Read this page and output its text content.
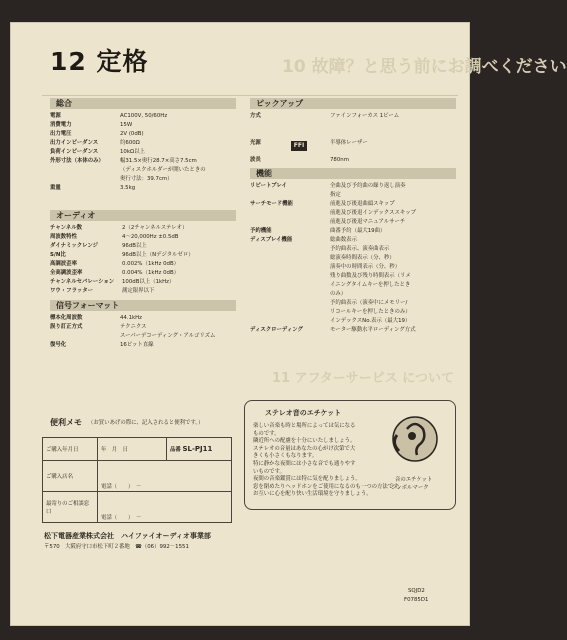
10 故障？と思う前にお調べください
11 アフターサービス について
12 定格
総合
オーディオ
信号フォーマット
ピックアップ
FFI
機能
電源	AC100V, 50/60Hz
消費電力	15W
出力電圧	2V (0dB)
出力インピーダンス	約600Ω
負荷インピーダンス	10kΩ以上
外形寸法（本体のみ）	幅31.5×奥行28.7×高さ7.5cm
（ディスクホルダーが開いたときの
奥行寸法：39.7cm）
重量	3.5kg
チャンネル数	2（2チャンネルステレオ）
周波数特性	4〜20,000Hz ±0.5dB
ダイナミックレンジ	96dB以上
S/N比	96dB以上（Nデジタルゼロ）
高調波歪率	0.002%（1kHz 0dB）
全高調波歪率	0.004%（1kHz 0dB）
チャンネルセパレーション 100dB以上（1kHz）
ワウ・フラッター	測定限界以下
標本化周波数	44.1kHz
誤り訂正方式	テクニクス
スーパーデコーディング・アルゴリズム
復号化	16ビット直線
方式	ファインフォーカス 1ビーム
光源	半導体レーザー
波長	780nm
リピートプレイ	全曲及び予約曲の繰り返し演奏
指定
サーチモード機能	前進及び後退曲頭スキップ
前進及び後退インデックススキップ
前進及び後退マニュアルサーチ
予約機能	曲番予約（最大19曲）
ディスプレイ機能	総曲数表示
予約曲表示、演奏曲表示
総演奏時間表示（分、秒）
演奏中の時間表示（分、秒）
残り曲数及び残り時間表示（リメ
イニングタイムキーを押したとき
のみ）
予約曲表示（演奏中にメモリー/
リコールキーを押したときのみ）
インデックスNo.表示（最大19）
ディスクローディング	モーター駆動水平ローディング方式
便利メモ （お買いあげの際に、記入されると便利です。）
ご購入年月日	年　月　日	品番 SL-PJ11
ご購入店名	電話（　　）　－	
最寄りのご相談窓口	電話（　　）　－	
ステレオ音のエチケット
楽しい音楽も時と場所によっては気になる
ものです。
隣近所への配慮を十分にいたしましょう。
ステレオの音量はあなたの心がけ次第で大
きくも小さくもなります。
特に静かな夜間には小さな音でも通りやす
いものです。
夜間の音楽鑑賞には特に気を配りましょう。
窓を閉めたりヘッドホンをご使用になるのも一つの方法です。
お互いに心を配り快い生活環境を守りましょう。
音のエチケット
シンボルマーク
松下電器産業株式会社　ハイファイオーディオ事業部
〒570　大阪府守口市松下町２番地　☎（06）992－1551
SQJD2
F0785D1
